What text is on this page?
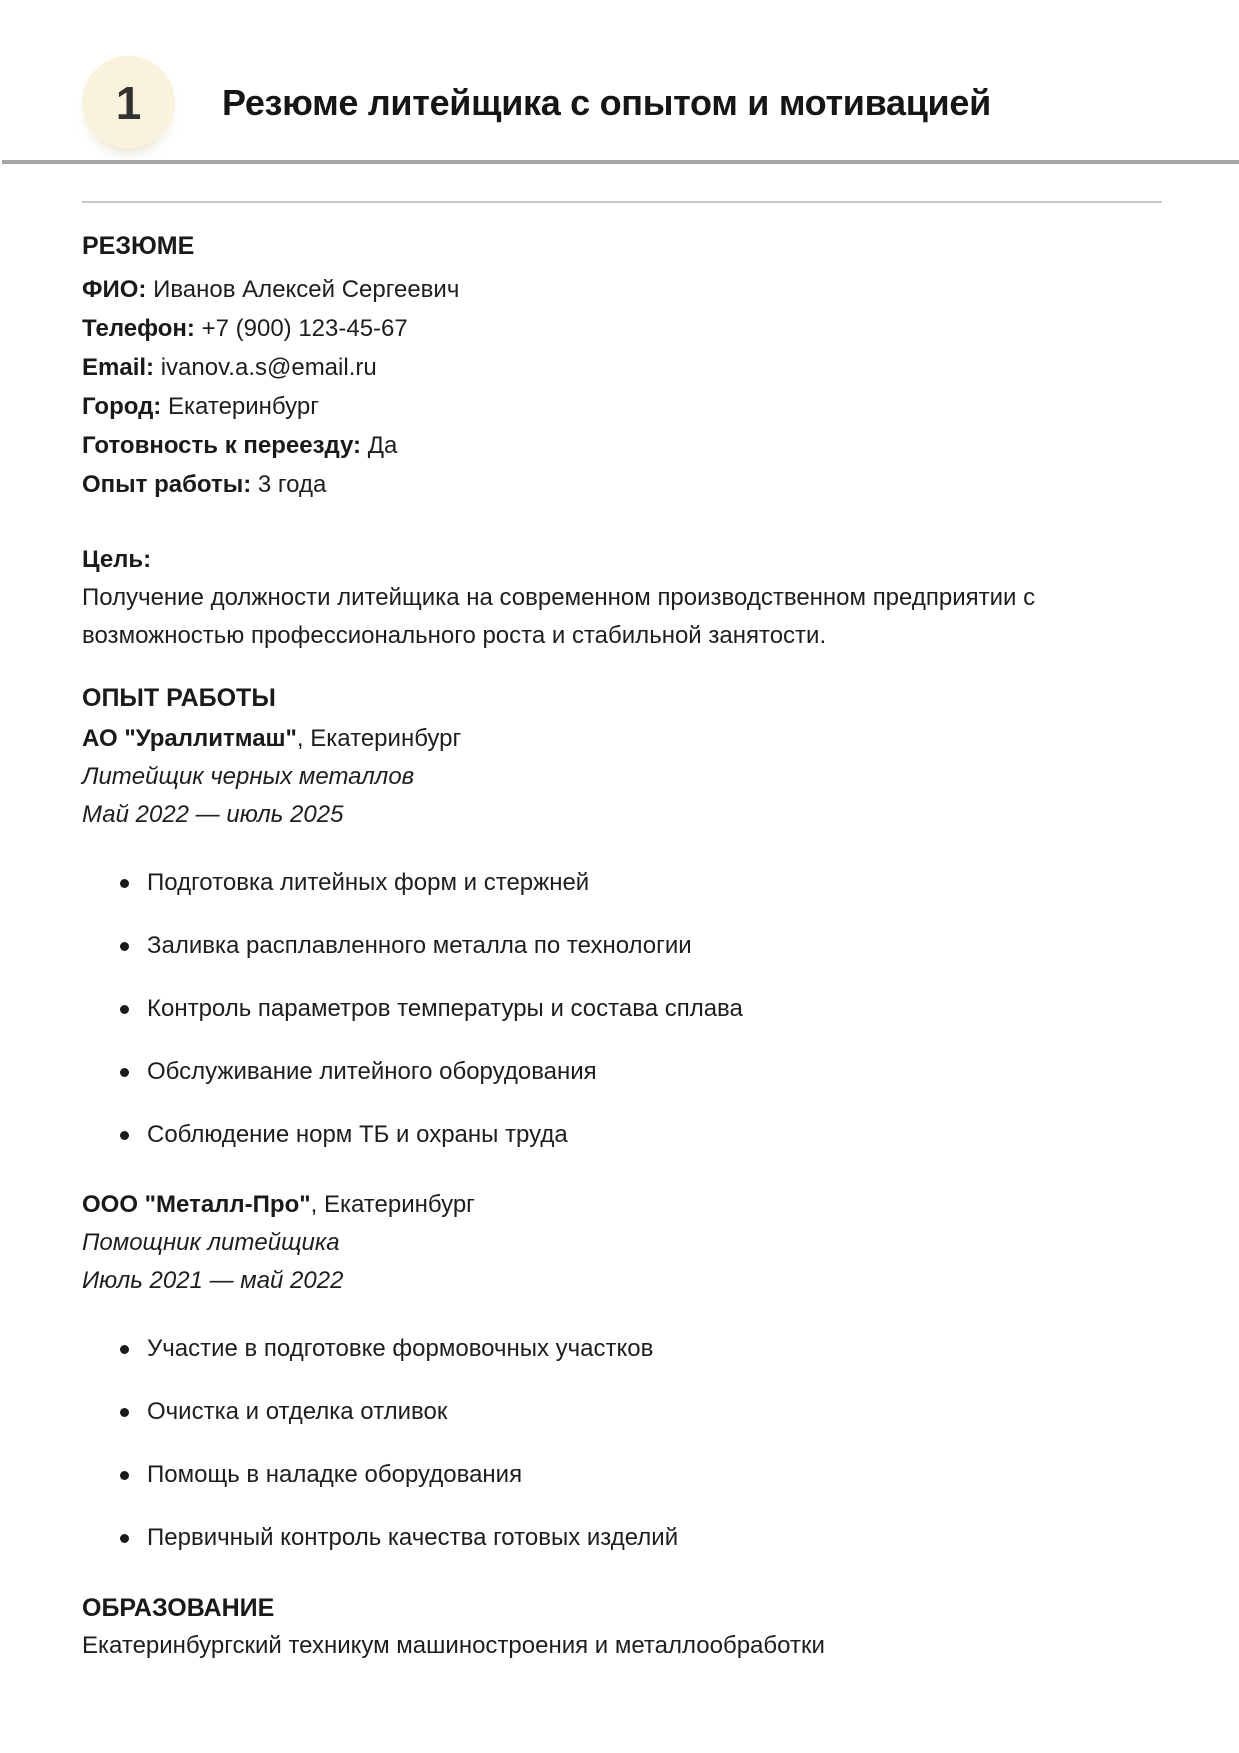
1 Резюме литейщика с опытом и мотивацией
РЕЗЮМЕ

ФИО: Иванов Алексей Сергеевич

Телефон: +7 (900) 123-45-67

Email: ivanov.a.s@email.ru

Город: Екатеринбург

Готовность к переезду: Да

Опыт работы: 3 года

Цель:

Получение должности литейщика на современном производственном предприятии с возможностью профессионального роста и стабильной занятости.

ОПЫТ РАБОТЫ

АО "Ураллитмаш", Екатеринбург

Литейщик черных металлов

Май 2022 — июль 2025

Подготовка литейных форм и стержней
Заливка расплавленного металла по технологии
Контроль параметров температуры и состава сплава
Обслуживание литейного оборудования
Соблюдение норм ТБ и охраны труда

ООО "Металл-Про", Екатеринбург

Помощник литейщика

Июль 2021 — май 2022

Участие в подготовке формовочных участков
Очистка и отделка отливок
Помощь в наладке оборудования
Первичный контроль качества готовых изделий
ОБРАЗОВАНИЕ

Екатеринбургский техникум машиностроения и металлообработки
